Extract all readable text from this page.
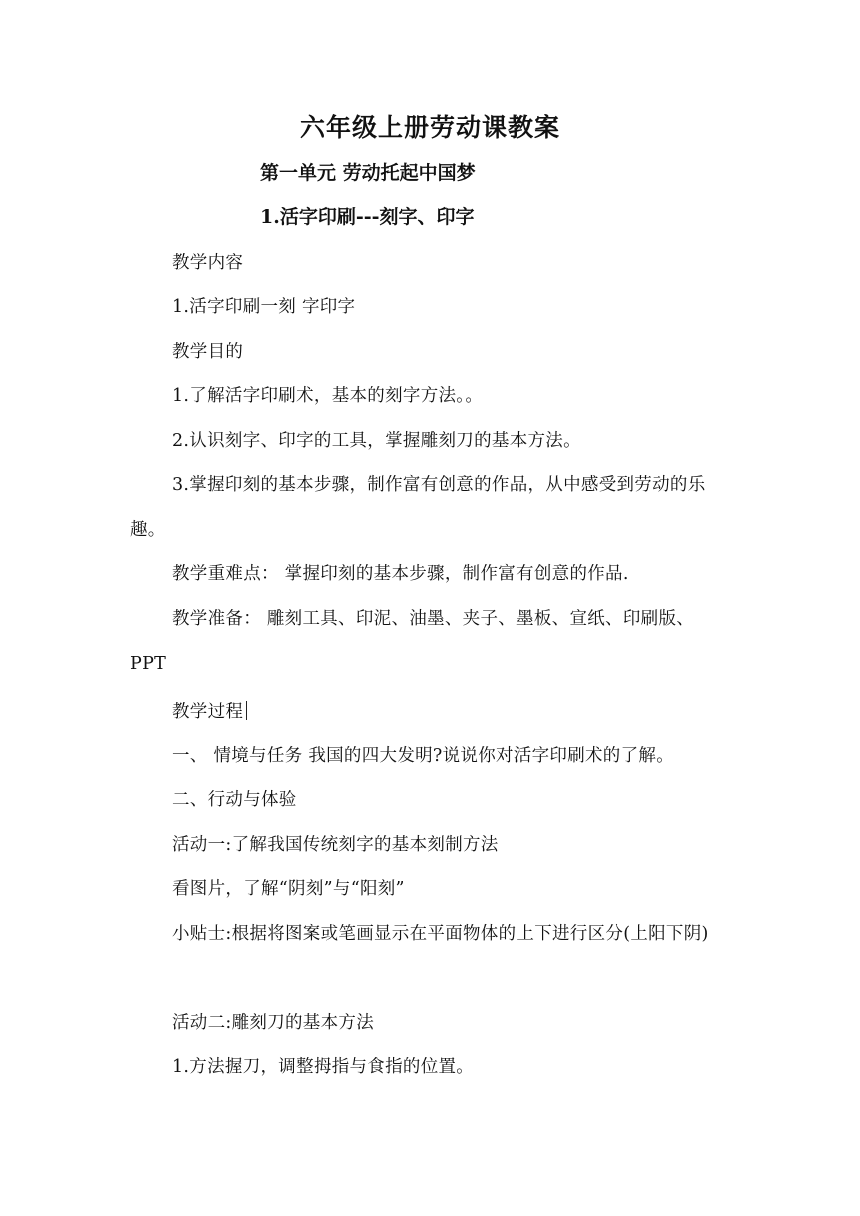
六年级上册劳动课教案
第一单元 劳动托起中国梦
1.活字印刷---刻字、印字

教学内容

1.活字印刷一刻 字印字

教学目的

1.了解活字印刷术，基本的刻字方法。。

2.认识刻字、印字的工具，掌握雕刻刀的基本方法。

3.掌握印刻的基本步骤，制作富有创意的作品，从中感受到劳动的乐趣。

教学重难点： 掌握印刻的基本步骤，制作富有创意的作品.

教学准备： 雕刻工具、印泥、油墨、夹子、墨板、宣纸、印刷版、PPT

教学过程

一、 情境与任务 我国的四大发明?说说你对活字印刷术的了解。

二、行动与体验

活动一:了解我国传统刻字的基本刻制方法

看图片，了解“阴刻”与“阳刻”

小贴士:根据将图案或笔画显示在平面物体的上下进行区分(上阳下阴)

活动二:雕刻刀的基本方法

1.方法握刀，调整拇指与食指的位置。
